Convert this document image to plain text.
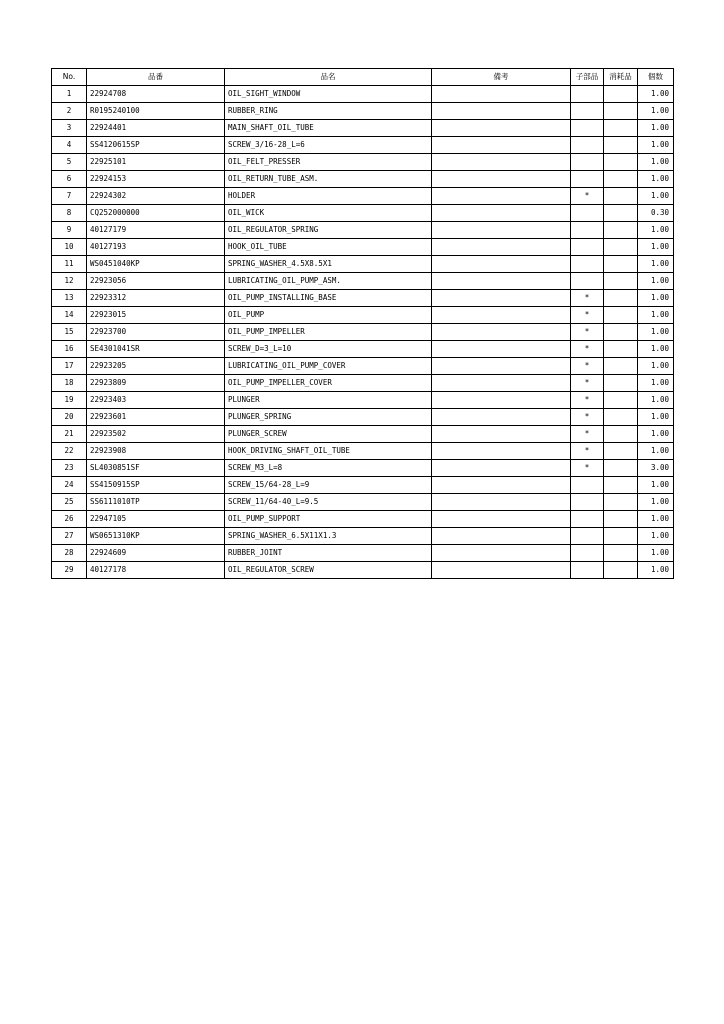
No.	品番	品名	備考	子部品	消耗品	個数
1	22924708	OIL_SIGHT_WINDOW				1.00
2	R0195240100	RUBBER_RING				1.00
3	22924401	MAIN_SHAFT_OIL_TUBE				1.00
4	SS4120615SP	SCREW_3/16-28_L=6				1.00
5	22925101	OIL_FELT_PRESSER				1.00
6	22924153	OIL_RETURN_TUBE_ASM.				1.00
7	22924302	HOLDER		*		1.00
8	CQ252000000	OIL_WICK				0.30
9	40127179	OIL_REGULATOR_SPRING				1.00
10	40127193	HOOK_OIL_TUBE				1.00
11	WS0451040KP	SPRING_WASHER_4.5X8.5X1				1.00
12	22923056	LUBRICATING_OIL_PUMP_ASM.				1.00
13	22923312	OIL_PUMP_INSTALLING_BASE		*		1.00
14	22923015	OIL_PUMP		*		1.00
15	22923700	OIL_PUMP_IMPELLER		*		1.00
16	SE4301041SR	SCREW_D=3_L=10		*		1.00
17	22923205	LUBRICATING_OIL_PUMP_COVER		*		1.00
18	22923809	OIL_PUMP_IMPELLER_COVER		*		1.00
19	22923403	PLUNGER		*		1.00
20	22923601	PLUNGER_SPRING		*		1.00
21	22923502	PLUNGER_SCREW		*		1.00
22	22923908	HOOK_DRIVING_SHAFT_OIL_TUBE		*		1.00
23	SL4030851SF	SCREW_M3_L=8		*		3.00
24	SS4150915SP	SCREW_15/64-28_L=9				1.00
25	SS6111010TP	SCREW_11/64-40_L=9.5				1.00
26	22947105	OIL_PUMP_SUPPORT				1.00
27	WS0651310KP	SPRING_WASHER_6.5X11X1.3				1.00
28	22924609	RUBBER_JOINT				1.00
29	40127178	OIL_REGULATOR_SCREW				1.00
